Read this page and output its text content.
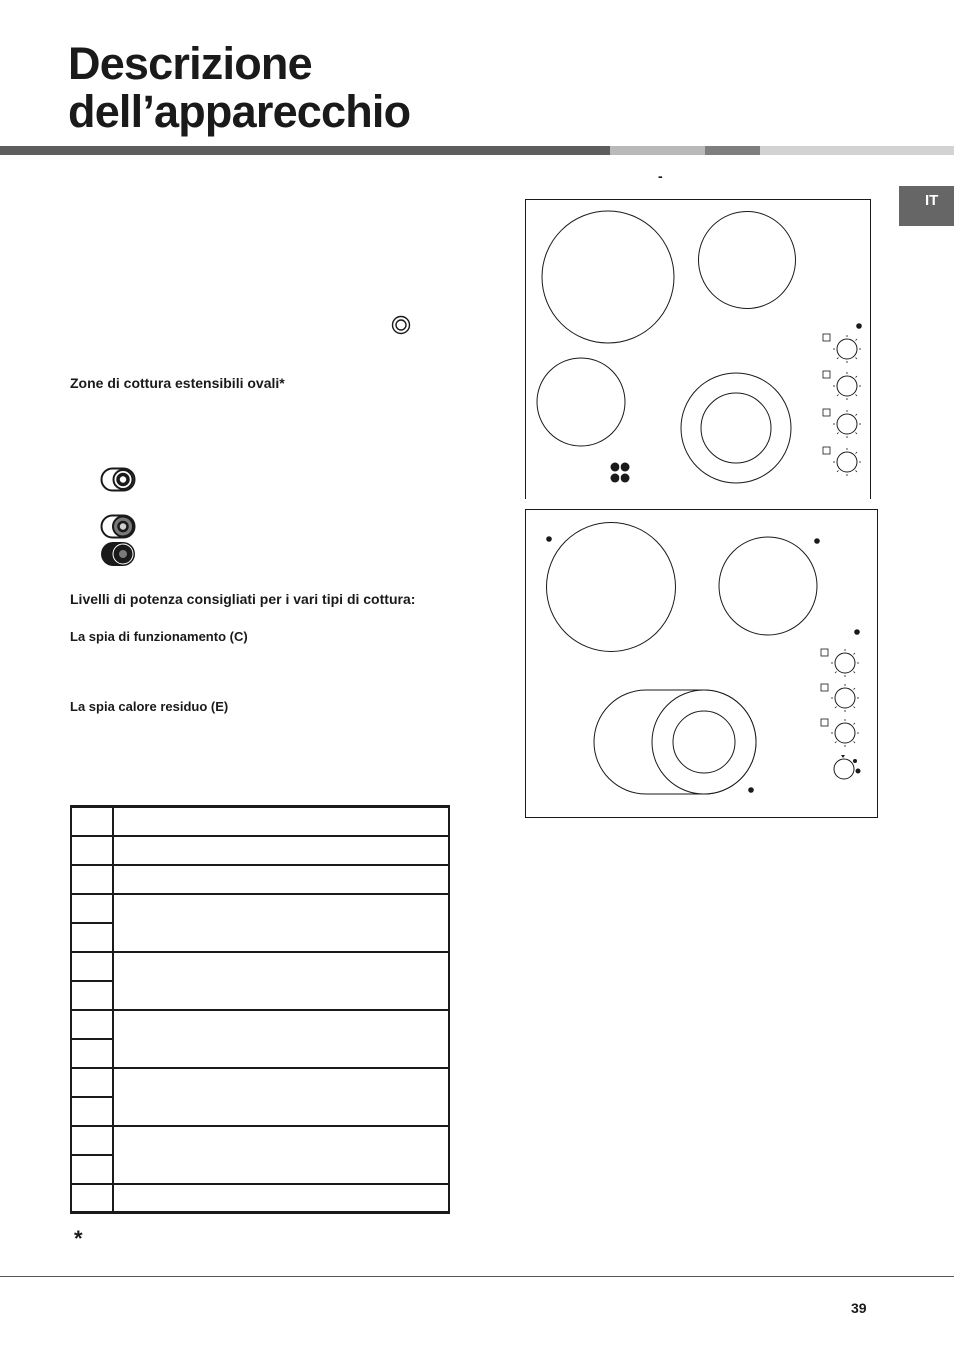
Descrizione
dell’apparecchio
-
IT
Zone di cottura estensibili ovali*
Livelli di potenza consigliati per i vari tipi di cottura:
La spia di funzionamento (C)
La spia calore residuo (E)

*
39
